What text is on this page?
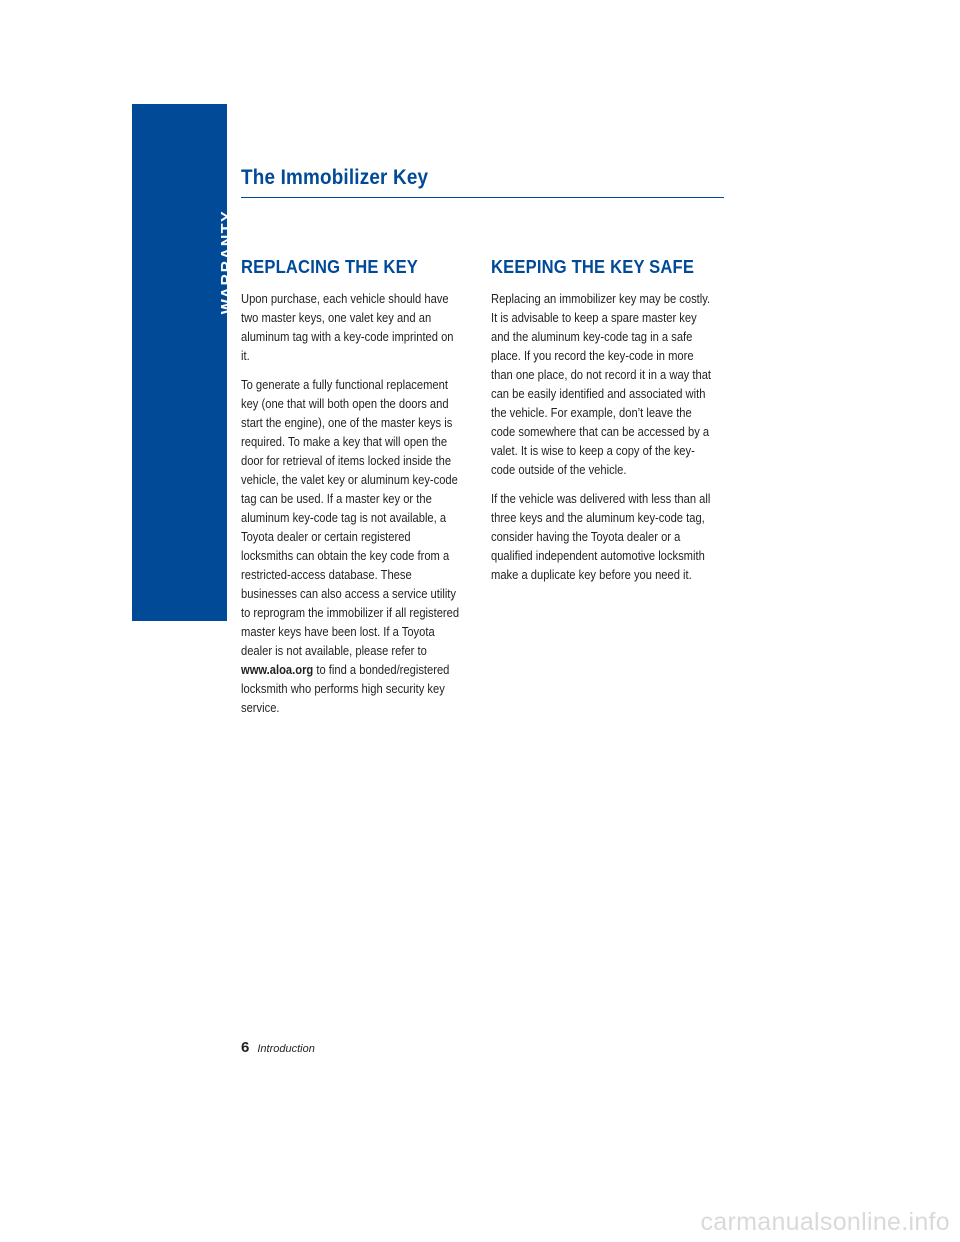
WARRANTY
The Immobilizer Key
REPLACING THE KEY

Upon purchase, each vehicle should have two master keys, one valet key and an aluminum tag with a key-code imprinted on it.

To generate a fully functional replacement key (one that will both open the doors and start the engine), one of the master keys is required. To make a key that will open the door for retrieval of items locked inside the vehicle, the valet key or aluminum key-code tag can be used. If a master key or the aluminum key-code tag is not available, a Toyota dealer or certain registered locksmiths can obtain the key code from a restricted-access database. These businesses can also access a service utility to reprogram the immobilizer if all registered master keys have been lost. If a Toyota dealer is not available, please refer to www.aloa.org to find a bonded/registered locksmith who performs high security key service.

KEEPING THE KEY SAFE

Replacing an immobilizer key may be costly. It is advisable to keep a spare master key and the aluminum key-code tag in a safe place. If you record the key-code in more than one place, do not record it in a way that can be easily identified and associated with the vehicle. For example, don’t leave the code somewhere that can be accessed by a valet. It is wise to keep a copy of the key-code outside of the vehicle.

If the vehicle was delivered with less than all three keys and the aluminum key-code tag, consider having the Toyota dealer or a qualified independent automotive locksmith make a duplicate key before you need it.

6 Introduction
carmanualsonline.info
